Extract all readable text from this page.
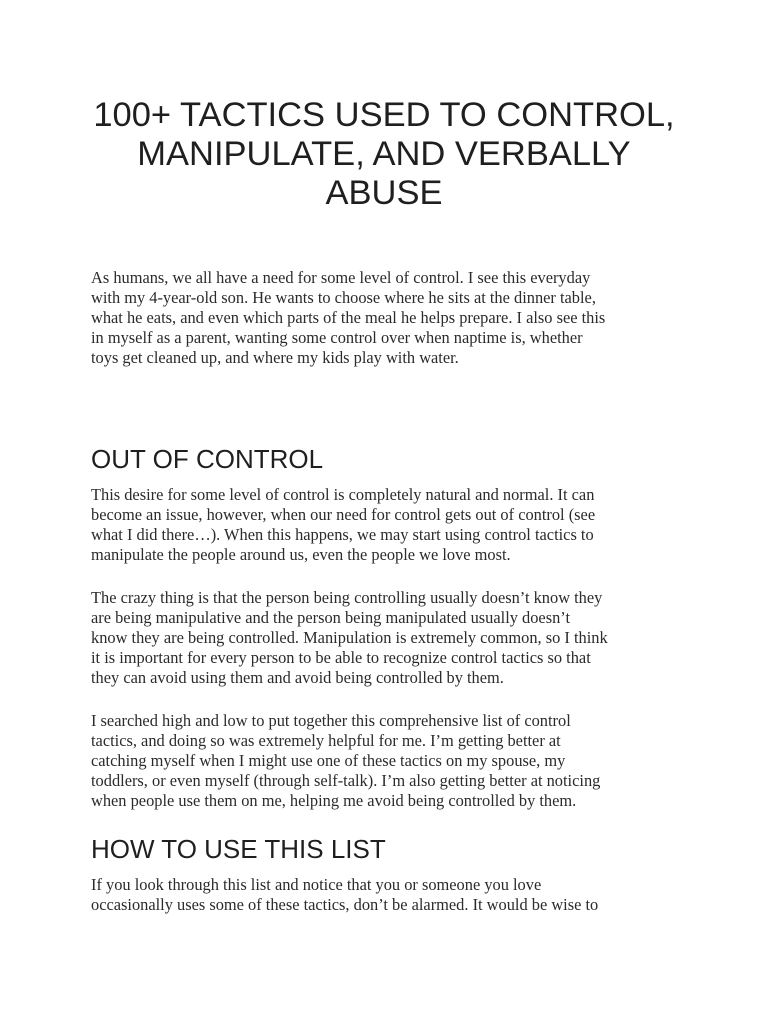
100+ TACTICS USED TO CONTROL,
MANIPULATE, AND VERBALLY
ABUSE

As humans, we all have a need for some level of control. I see this everyday
with my 4-year-old son. He wants to choose where he sits at the dinner table,
what he eats, and even which parts of the meal he helps prepare. I also see this
in myself as a parent, wanting some control over when naptime is, whether
toys get cleaned up, and where my kids play with water.

OUT OF CONTROL

This desire for some level of control is completely natural and normal. It can
become an issue, however, when our need for control gets out of control (see
what I did there…). When this happens, we may start using control tactics to
manipulate the people around us, even the people we love most.

The crazy thing is that the person being controlling usually doesn’t know they
are being manipulative and the person being manipulated usually doesn’t
know they are being controlled. Manipulation is extremely common, so I think
it is important for every person to be able to recognize control tactics so that
they can avoid using them and avoid being controlled by them.

I searched high and low to put together this comprehensive list of control
tactics, and doing so was extremely helpful for me. I’m getting better at
catching myself when I might use one of these tactics on my spouse, my
toddlers, or even myself (through self-talk). I’m also getting better at noticing
when people use them on me, helping me avoid being controlled by them.

HOW TO USE THIS LIST

If you look through this list and notice that you or someone you love
occasionally uses some of these tactics, don’t be alarmed. It would be wise to
